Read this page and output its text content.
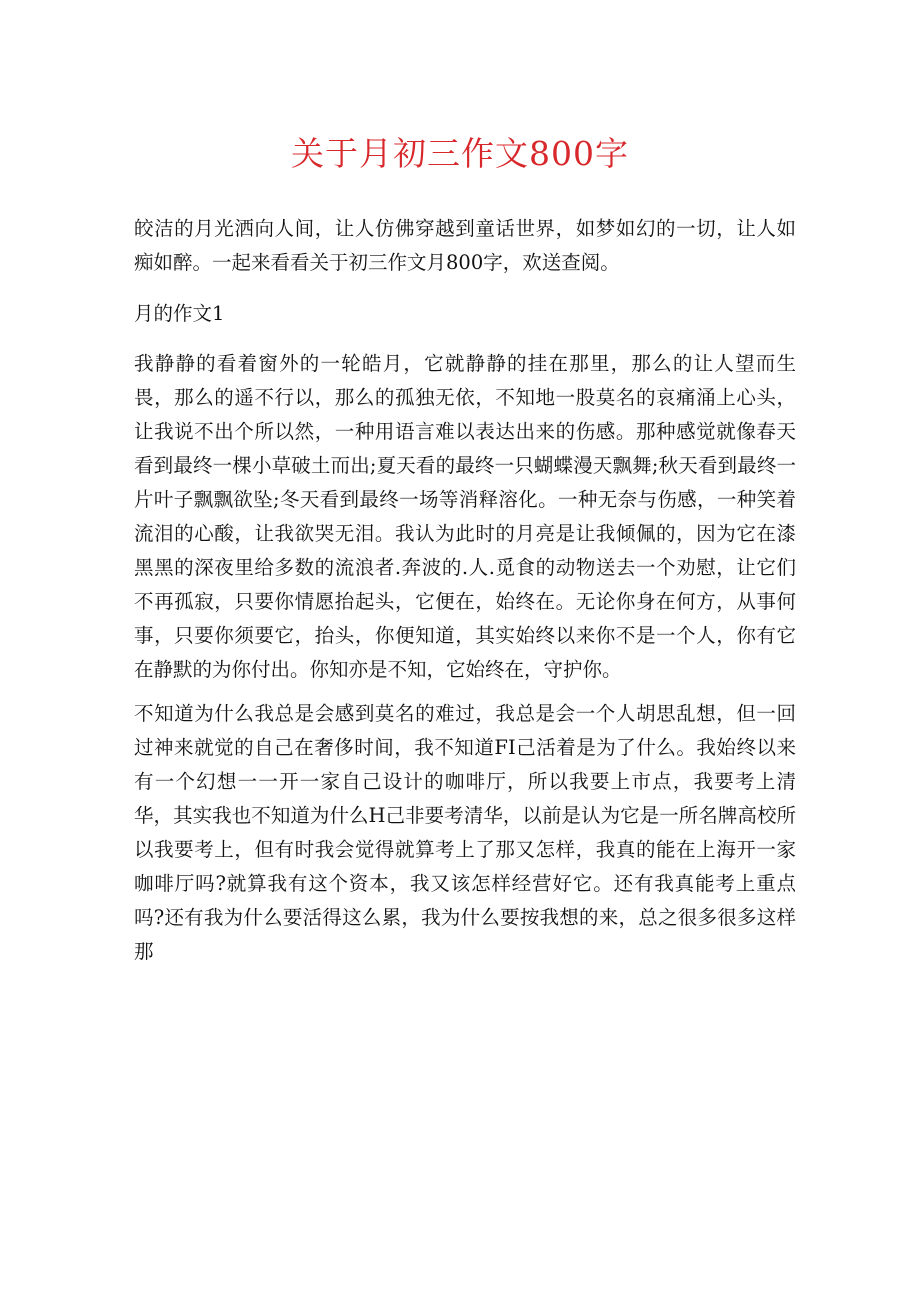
关于月初三作文800字

皎洁的月光洒向人间，让人仿佛穿越到童话世界，如梦如幻的一切，让人如痴如醉。一起来看看关于初三作文月800字，欢送查阅。

月的作文1

我静静的看着窗外的一轮皓月，它就静静的挂在那里，那么的让人望而生畏，那么的遥不行以，那么的孤独无依，不知地一股莫名的哀痛涌上心头，让我说不出个所以然，一种用语言难以表达出来的伤感。那种感觉就像春天看到最终一棵小草破土而出;夏天看的最终一只蝴蝶漫天飘舞;秋天看到最终一片叶子飘飘欲坠;冬天看到最终一场等消释溶化。一种无奈与伤感，一种笑着流泪的心酸，让我欲哭无泪。我认为此时的月亮是让我倾佩的，因为它在漆黑黑的深夜里给多数的流浪者.奔波的.人.觅食的动物送去一个劝慰，让它们不再孤寂，只要你情愿抬起头，它便在，始终在。无论你身在何方，从事何事，只要你须要它，抬头，你便知道，其实始终以来你不是一个人，你有它在静默的为你付出。你知亦是不知，它始终在，守护你。

不知道为什么我总是会感到莫名的难过，我总是会一个人胡思乱想，但一回过神来就觉的自己在奢侈时间，我不知道FI己活着是为了什么。我始终以来有一个幻想一一开一家自己设计的咖啡厅，所以我要上市点，我要考上清华，其实我也不知道为什么H己非要考清华，以前是认为它是一所名牌高校所以我要考上，但有时我会觉得就算考上了那又怎样，我真的能在上海开一家咖啡厅吗?就算我有这个资本，我又该怎样经营好它。还有我真能考上重点吗?还有我为什么要活得这么累，我为什么要按我想的来，总之很多很多这样那
